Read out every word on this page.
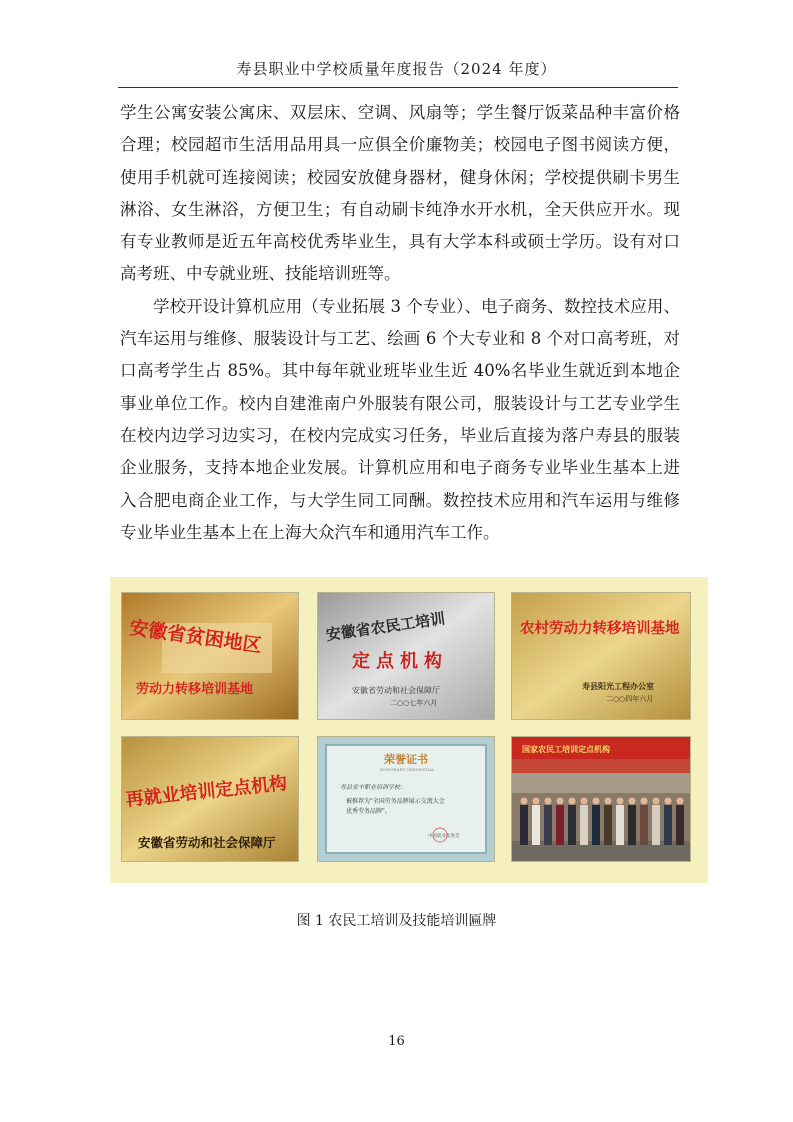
寿县职业中学校质量年度报告（2024 年度）

学生公寓安装公寓床、双层床、空调、风扇等；学生餐厅饭菜品种丰富价格合理；校园超市生活用品用具一应俱全价廉物美；校园电子图书阅读方便，使用手机就可连接阅读；校园安放健身器材，健身休闲；学校提供刷卡男生淋浴、女生淋浴，方便卫生；有自动刷卡纯净水开水机，全天供应开水。现有专业教师是近五年高校优秀毕业生，具有大学本科或硕士学历。设有对口高考班、中专就业班、技能培训班等。

学校开设计算机应用（专业拓展 3 个专业）、电子商务、数控技术应用、汽车运用与维修、服装设计与工艺、绘画 6 个大专业和 8 个对口高考班，对口高考学生占 85%。其中每年就业班毕业生近 40%名毕业生就近到本地企事业单位工作。校内自建淮南户外服装有限公司，服装设计与工艺专业学生在校内边学习边实习，在校内完成实习任务，毕业后直接为落户寿县的服装企业服务，支持本地企业发展。计算机应用和电子商务专业毕业生基本上进入合肥电商企业工作，与大学生同工同酬。数控技术应用和汽车运用与维修专业毕业生基本上在上海大众汽车和通用汽车工作。

安徽省贫困地区
劳动力转移培训基地
安徽省农民工培训
定点机构
安徽省劳动和社会保障厅
二○○七年六月
农村劳动力转移培训基地
寿县阳光工程办公室
二○○四年六月
再就业培训定点机构
安徽省劳动和社会保障厅
荣誉证书
HONORARY CREDENTIAL
寿县安丰职业培训学校：
被推荐为"全国劳务品牌展示交流大会
优秀劳务品牌"。
中国就业促进会
国家农民工培训定点机构
图 1 农民工培训及技能培训匾牌
16
